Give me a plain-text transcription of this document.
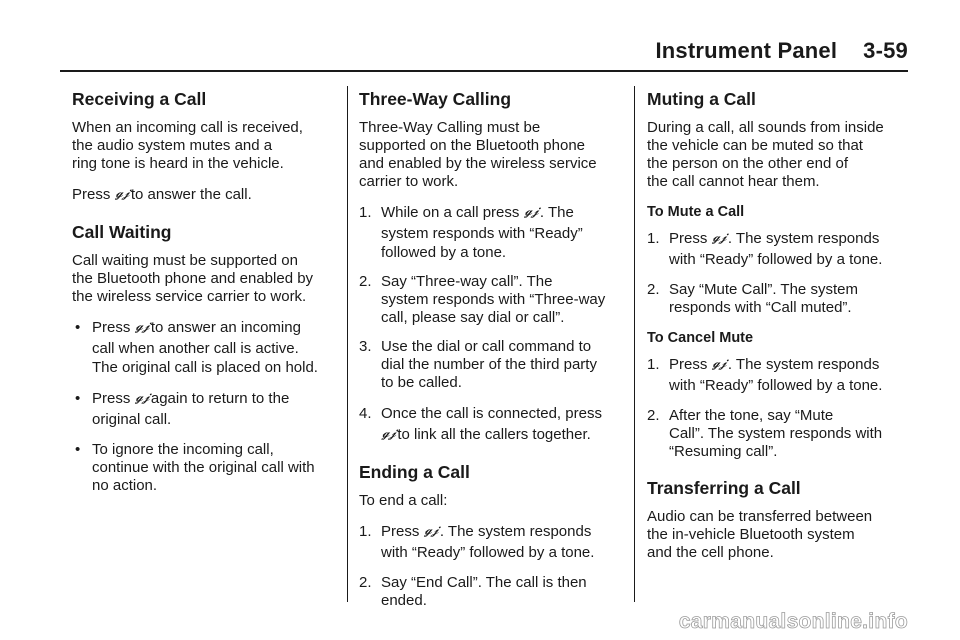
Instrument Panel 3-59
Receiving a Call

When an incoming call is received,
the audio system mutes and a
ring tone is heard in the vehicle.

Press 𝓰𝓳 to answer the call.

Call Waiting

Call waiting must be supported on
the Bluetooth phone and enabled by
the wireless service carrier to work.

• Press 𝓰𝓳 to answer an incoming
call when another call is active.
The original call is placed on hold.
• Press 𝓰𝓳 again to return to the
original call.
• To ignore the incoming call,
continue with the original call with
no action.
Three-Way Calling

Three-Way Calling must be
supported on the Bluetooth phone
and enabled by the wireless service
carrier to work.

1. While on a call press 𝓰𝓳 . The
system responds with “Ready”
followed by a tone.
2. Say “Three-way call”. The
system responds with “Three-way
call, please say dial or call”.
3. Use the dial or call command to
dial the number of the third party
to be called.
4. Once the call is connected, press
𝓰𝓳 to link all the callers together.
Ending a Call

To end a call:

1. Press 𝓰𝓳 . The system responds
with “Ready” followed by a tone.
2. Say “End Call”. The call is then
ended.
Muting a Call

During a call, all sounds from inside
the vehicle can be muted so that
the person on the other end of
the call cannot hear them.

To Mute a Call
1. Press 𝓰𝓳 . The system responds
with “Ready” followed by a tone.
2. Say “Mute Call”. The system
responds with “Call muted”.
To Cancel Mute
1. Press 𝓰𝓳 . The system responds
with “Ready” followed by a tone.
2. After the tone, say “Mute
Call”. The system responds with
“Resuming call”.
Transferring a Call

Audio can be transferred between
the in-vehicle Bluetooth system
and the cell phone.

carmanualsonline.info
